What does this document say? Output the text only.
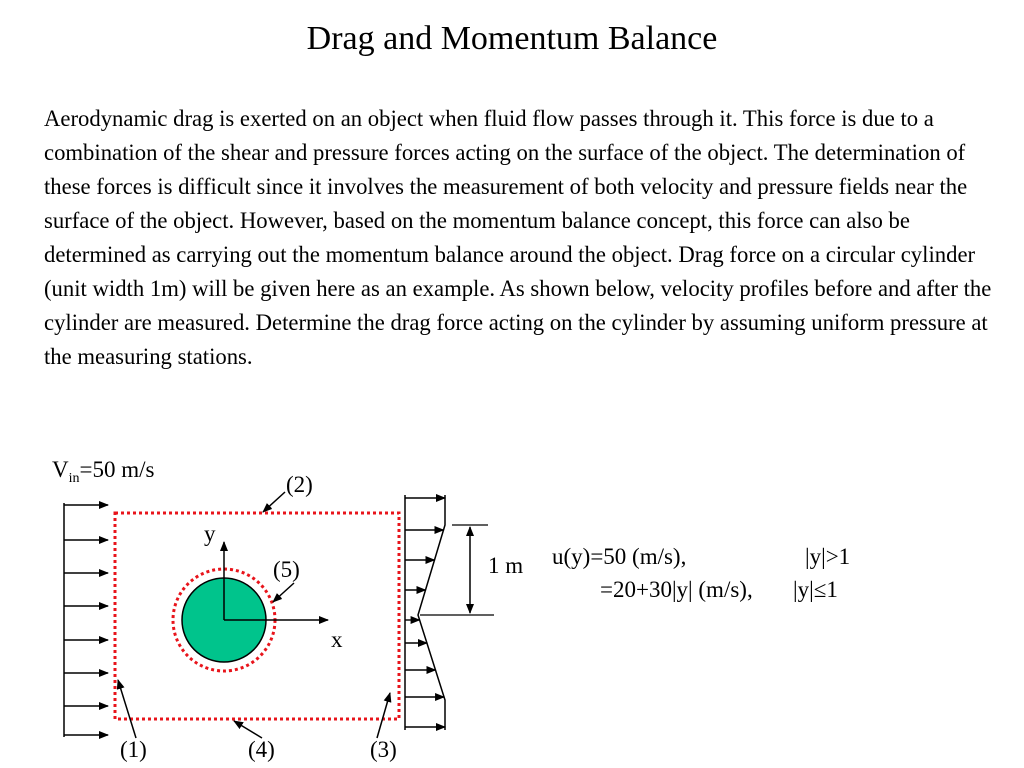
Drag and Momentum Balance

Aerodynamic drag is exerted on an object when fluid flow passes through it. This force is due to a combination of the shear and pressure forces acting on the surface of the object. The determination of these forces is difficult since it involves the measurement of both velocity and pressure fields near the surface of the object. However, based on the momentum balance concept, this force can also be determined as carrying out the momentum balance around the object. Drag force on a circular cylinder (unit width 1m) will be given here as an example. As shown below, velocity profiles before and after the cylinder are measured. Determine the drag force acting on the cylinder by assuming uniform pressure at the measuring stations.

$V_{in}=50$ m/s
y
x
(2)
(5)
(1)	(4)	(3)
1 m u(y)=50 (m/s),	|y|>1
=20+30|y| (m/s), |y|≤1
